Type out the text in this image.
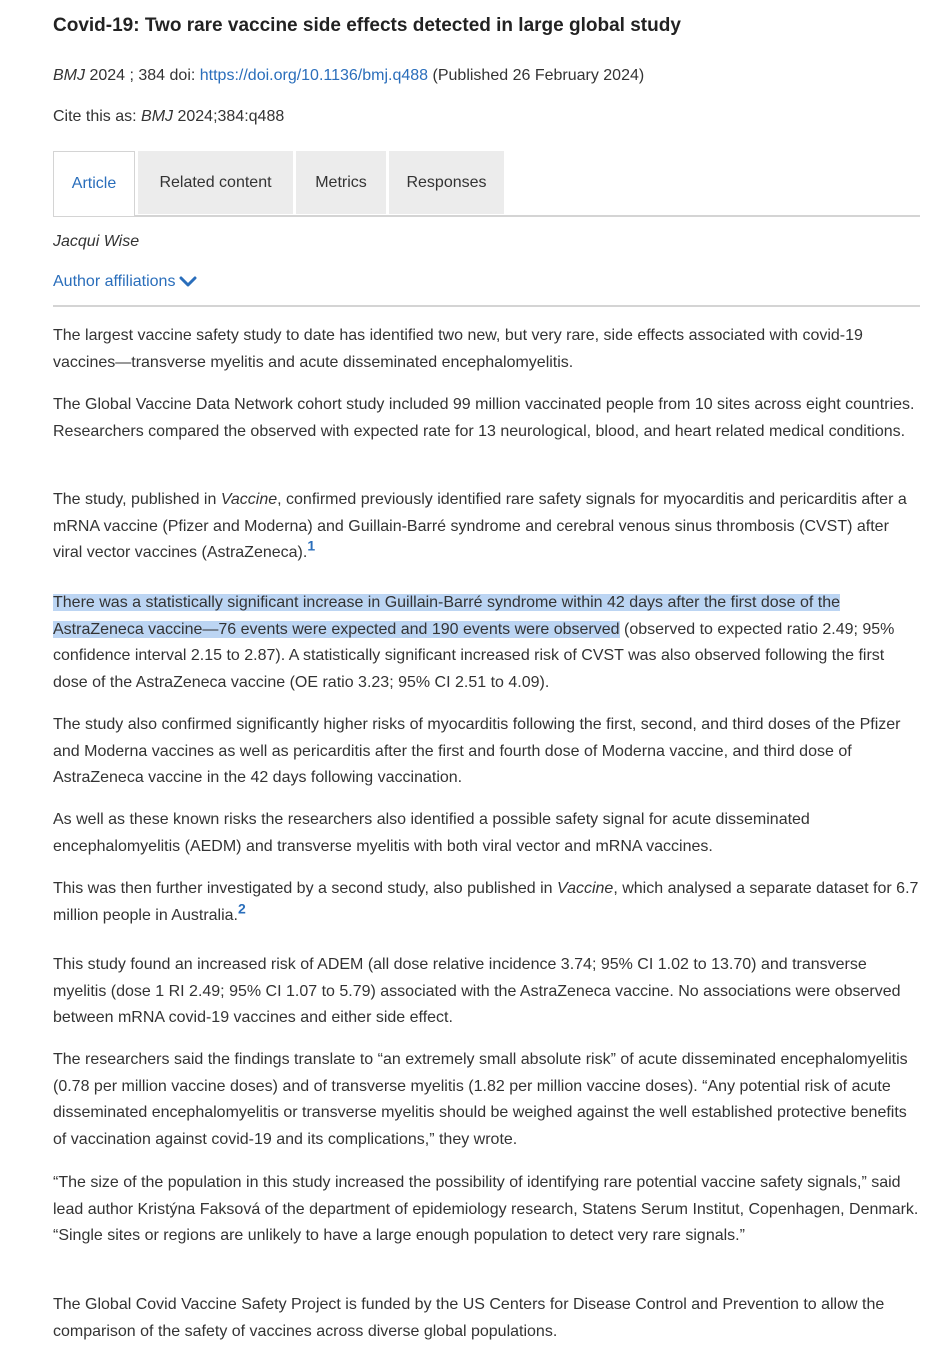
Covid-19: Two rare vaccine side effects detected in large global study
BMJ 2024 ; 384 doi: https://doi.org/10.1136/bmj.q488 (Published 26 February 2024)
Cite this as: BMJ 2024;384:q488
Article	Related content	Metrics	Responses
Jacqui Wise
Author affiliations

The largest vaccine safety study to date has identified two new, but very rare, side effects associated with covid-19 vaccines—transverse myelitis and acute disseminated encephalomyelitis.

The Global Vaccine Data Network cohort study included 99 million vaccinated people from 10 sites across eight countries. Researchers compared the observed with expected rate for 13 neurological, blood, and heart related medical conditions.

The study, published in Vaccine, confirmed previously identified rare safety signals for myocarditis and pericarditis after a mRNA vaccine (Pfizer and Moderna) and Guillain-Barré syndrome and cerebral venous sinus thrombosis (CVST) after viral vector vaccines (AstraZeneca).$^1$

There was a statistically significant increase in Guillain-Barré syndrome within 42 days after the first dose of the AstraZeneca vaccine—76 events were expected and 190 events were observed (observed to expected ratio 2.49; 95% confidence interval 2.15 to 2.87). A statistically significant increased risk of CVST was also observed following the first dose of the AstraZeneca vaccine (OE ratio 3.23; 95% CI 2.51 to 4.09).

The study also confirmed significantly higher risks of myocarditis following the first, second, and third doses of the Pfizer and Moderna vaccines as well as pericarditis after the first and fourth dose of Moderna vaccine, and third dose of AstraZeneca vaccine in the 42 days following vaccination.

As well as these known risks the researchers also identified a possible safety signal for acute disseminated encephalomyelitis (AEDM) and transverse myelitis with both viral vector and mRNA vaccines.

This was then further investigated by a second study, also published in Vaccine, which analysed a separate dataset for 6.7 million people in Australia.$^2$

This study found an increased risk of ADEM (all dose relative incidence 3.74; 95% CI 1.02 to 13.70) and transverse myelitis (dose 1 RI 2.49; 95% CI 1.07 to 5.79) associated with the AstraZeneca vaccine. No associations were observed between mRNA covid-19 vaccines and either side effect.

The researchers said the findings translate to “an extremely small absolute risk” of acute disseminated encephalomyelitis (0.78 per million vaccine doses) and of transverse myelitis (1.82 per million vaccine doses). “Any potential risk of acute disseminated encephalomyelitis or transverse myelitis should be weighed against the well established protective benefits of vaccination against covid-19 and its complications,” they wrote.

“The size of the population in this study increased the possibility of identifying rare potential vaccine safety signals,” said lead author Kristýna Faksová of the department of epidemiology research, Statens Serum Institut, Copenhagen, Denmark. “Single sites or regions are unlikely to have a large enough population to detect very rare signals.”

The Global Covid Vaccine Safety Project is funded by the US Centers for Disease Control and Prevention to allow the comparison of the safety of vaccines across diverse global populations.
